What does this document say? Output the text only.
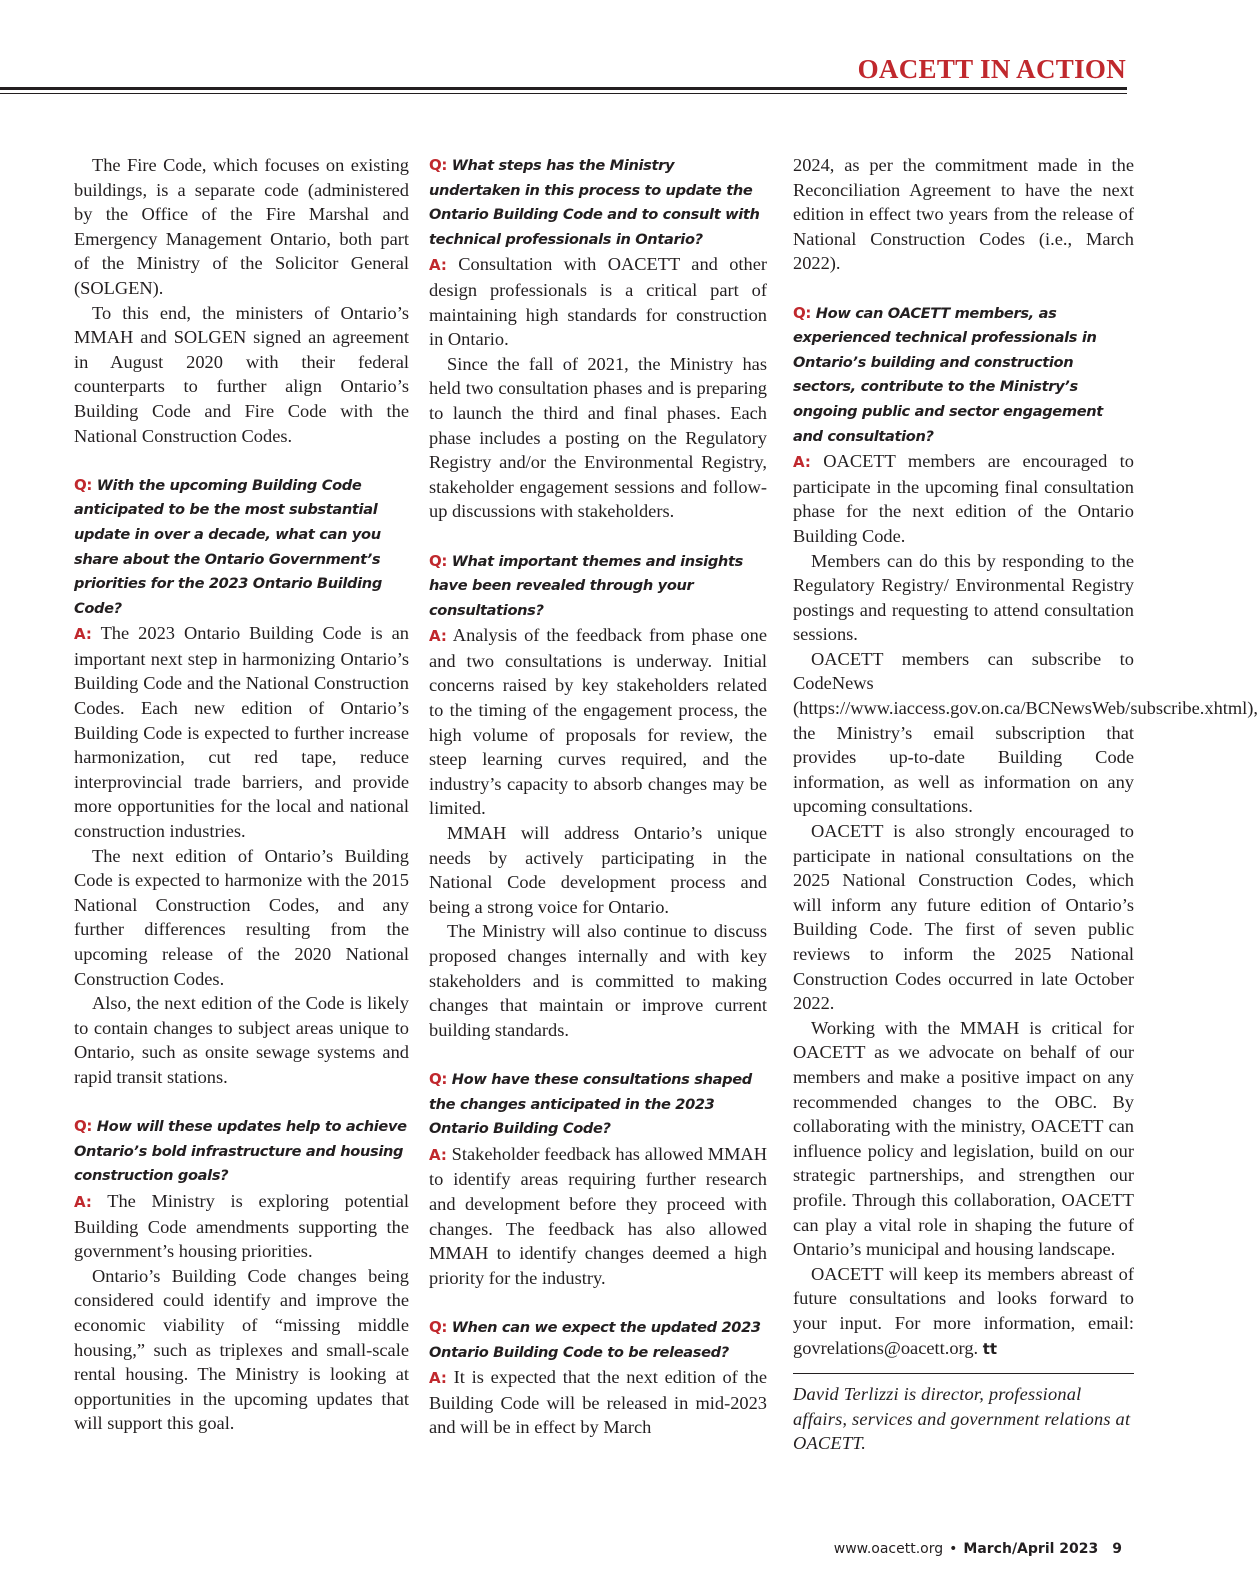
OACETT IN ACTION

The Fire Code, which focuses on existing buildings, is a separate code (administered by the Office of the Fire Marshal and Emergency Management Ontario, both part of the Ministry of the Solicitor General (SOLGEN).

To this end, the ministers of Ontario’s MMAH and SOLGEN signed an agreement in August 2020 with their federal counterparts to further align Ontario’s Building Code and Fire Code with the National Construction Codes.

Q: With the upcoming Building Code anticipated to be the most substantial update in over a decade, what can you share about the Ontario Government’s priorities for the 2023 Ontario Building Code?

A: The 2023 Ontario Building Code is an important next step in harmonizing Ontario’s Building Code and the National Construction Codes. Each new edition of Ontario’s Building Code is expected to further increase harmonization, cut red tape, reduce interprovincial trade barriers, and provide more opportunities for the local and national construction industries.

The next edition of Ontario’s Building Code is expected to harmonize with the 2015 National Construction Codes, and any further differences resulting from the upcoming release of the 2020 National Construction Codes.

Also, the next edition of the Code is likely to contain changes to subject areas unique to Ontario, such as onsite sewage systems and rapid transit stations.

Q: How will these updates help to achieve Ontario’s bold infrastructure and housing construction goals?

A: The Ministry is exploring potential Building Code amendments supporting the government’s housing priorities.

Ontario’s Building Code changes being considered could identify and improve the economic viability of “missing middle housing,” such as triplexes and small-scale rental housing. The Ministry is looking at opportunities in the upcoming updates that will support this goal.

Q: What steps has the Ministry undertaken in this process to update the Ontario Building Code and to consult with technical professionals in Ontario?

A: Consultation with OACETT and other design professionals is a critical part of maintaining high standards for construction in Ontario.

Since the fall of 2021, the Ministry has held two consultation phases and is preparing to launch the third and final phases. Each phase includes a posting on the Regulatory Registry and/or the Environmental Registry, stakeholder engagement sessions and follow-up discussions with stakeholders.

Q: What important themes and insights have been revealed through your consultations?

A: Analysis of the feedback from phase one and two consultations is underway. Initial concerns raised by key stakeholders related to the timing of the engagement process, the high volume of proposals for review, the steep learning curves required, and the industry’s capacity to absorb changes may be limited.

MMAH will address Ontario’s unique needs by actively participating in the National Code development process and being a strong voice for Ontario.

The Ministry will also continue to discuss proposed changes internally and with key stakeholders and is committed to making changes that maintain or improve current building standards.

Q: How have these consultations shaped the changes anticipated in the 2023 Ontario Building Code?

A: Stakeholder feedback has allowed MMAH to identify areas requiring further research and development before they proceed with changes. The feedback has also allowed MMAH to identify changes deemed a high priority for the industry.

Q: When can we expect the updated 2023 Ontario Building Code to be released?

A: It is expected that the next edition of the Building Code will be released in mid-2023 and will be in effect by March

2024, as per the commitment made in the Reconciliation Agreement to have the next edition in effect two years from the release of National Construction Codes (i.e., March 2022).

Q: How can OACETT members, as experienced technical professionals in Ontario’s building and construction sectors, contribute to the Ministry’s ongoing public and sector engagement and consultation?

A: OACETT members are encouraged to participate in the upcoming final consultation phase for the next edition of the Ontario Building Code.

Members can do this by responding to the Regulatory Registry/ Environmental Registry postings and requesting to attend consultation sessions.

OACETT members can subscribe to CodeNews (https://www.iaccess.gov.on.ca/BCNewsWeb/subscribe.xhtml), the Ministry’s email subscription that provides up-to-date Building Code information, as well as information on any upcoming consultations.

OACETT is also strongly encouraged to participate in national consultations on the 2025 National Construction Codes, which will inform any future edition of Ontario’s Building Code. The first of seven public reviews to inform the 2025 National Construction Codes occurred in late October 2022.

Working with the MMAH is critical for OACETT as we advocate on behalf of our members and make a positive impact on any recommended changes to the OBC. By collaborating with the ministry, OACETT can influence policy and legislation, build on our strategic partnerships, and strengthen our profile. Through this collaboration, OACETT can play a vital role in shaping the future of Ontario’s municipal and housing landscape.

OACETT will keep its members abreast of future consultations and looks forward to your input. For more information, email: govrelations@oacett.org. tt

David Terlizzi is director, professional affairs, services and government relations at OACETT.

www.oacett.org • March/April 2023 9
